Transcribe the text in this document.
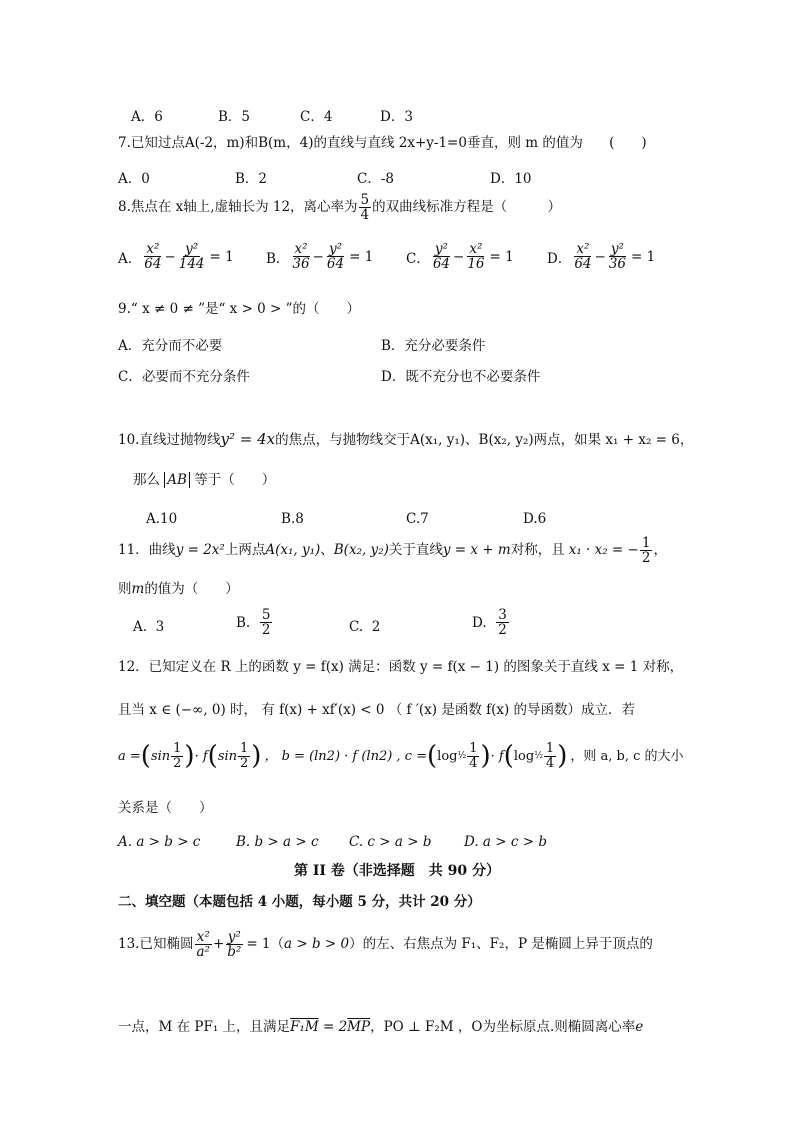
A．6	B．5	C．4	D．3
7.已知过点A(-2，m)和B(m，4)的直线与直线 2x+y-1=0垂直，则 m 的值为 (　　)
A．0	B．2	C．-8	D．10
8.焦点在 x轴上,虚轴长为 12，离心率为 $\frac{5}{4}$ 的双曲线标准方程是（　　　）
A． $\frac{\text{x²}}{64} - \frac{\text{y²}}{144} = 1$ B． $\frac{\text{x²}}{36} - \frac{\text{y²}}{64} = 1$ C． $\frac{\text{y²}}{64} - \frac{\text{x²}}{16} = 1$ D． $\frac{\text{x²}}{64} - \frac{\text{y²}}{36} = 1$
9.“ x ≠ 0 ≠ ”是“ x > 0 > ”的（　　）
A．充分而不必要	B．充分必要条件
C．必要而不充分条件	D．既不充分也不必要条件
10.直线过抛物线y² = 4x的焦点，与抛物线交于A(x₁, y₁)、B(x₂, y₂)两点，如果 x₁ + x₂ = 6，
那么 AB 等于（　　）
A.10	B.8	C.7	D.6
11．曲线 y = 2x² 上两点 A(x₁, y₁) 、 B(x₂, y₂) 关于直线 y = x + m 对称，且 x₁ · x₂ = − $\frac{1}{2}$ ，
则m的值为（　　）
A. 3	B.
$\frac{5}{2}$	C. 2	D.
$\frac{3}{2}$
12．已知定义在 R 上的函数 y = f(x) 满足：函数 y = f(x − 1) 的图象关于直线 x = 1 对称，
且当 x ∈ (−∞, 0) 时， 有 f(x) + xf′(x) < 0 （ f ′(x) 是函数 f(x) 的导函数）成立．若
a = ( $\sin \frac{1}{2}$ ) · f ( $\sin \frac{1}{2}$ ) ， b = (ln2) · f (ln2) , c = ( log ½ $\frac{1}{4}$ ) · f ( log ½ $\frac{1}{4}$ ) ，则 a, b, c 的大小
关系是（　　）
A. a > b > c	B. b > a > c C. c > a > b D. a > c > b
第 II 卷（非选择题　共 90 分）
二、填空题（本题包括 4 小题，每小题 5 分，共计 20 分）
13.已知椭圆 $\frac{\text{x²}}{\text{a²}} + \frac{\text{y²}}{\text{b²}} = 1$（ a > b > 0 ）的左、右焦点为 F₁、F₂，P 是椭圆上异于顶点的
一点，M 在 PF₁ 上，且满足$F_1M = 2\overline{MP}$，PO ⊥ F₂M ，O为坐标原点.则椭圆离心率e
